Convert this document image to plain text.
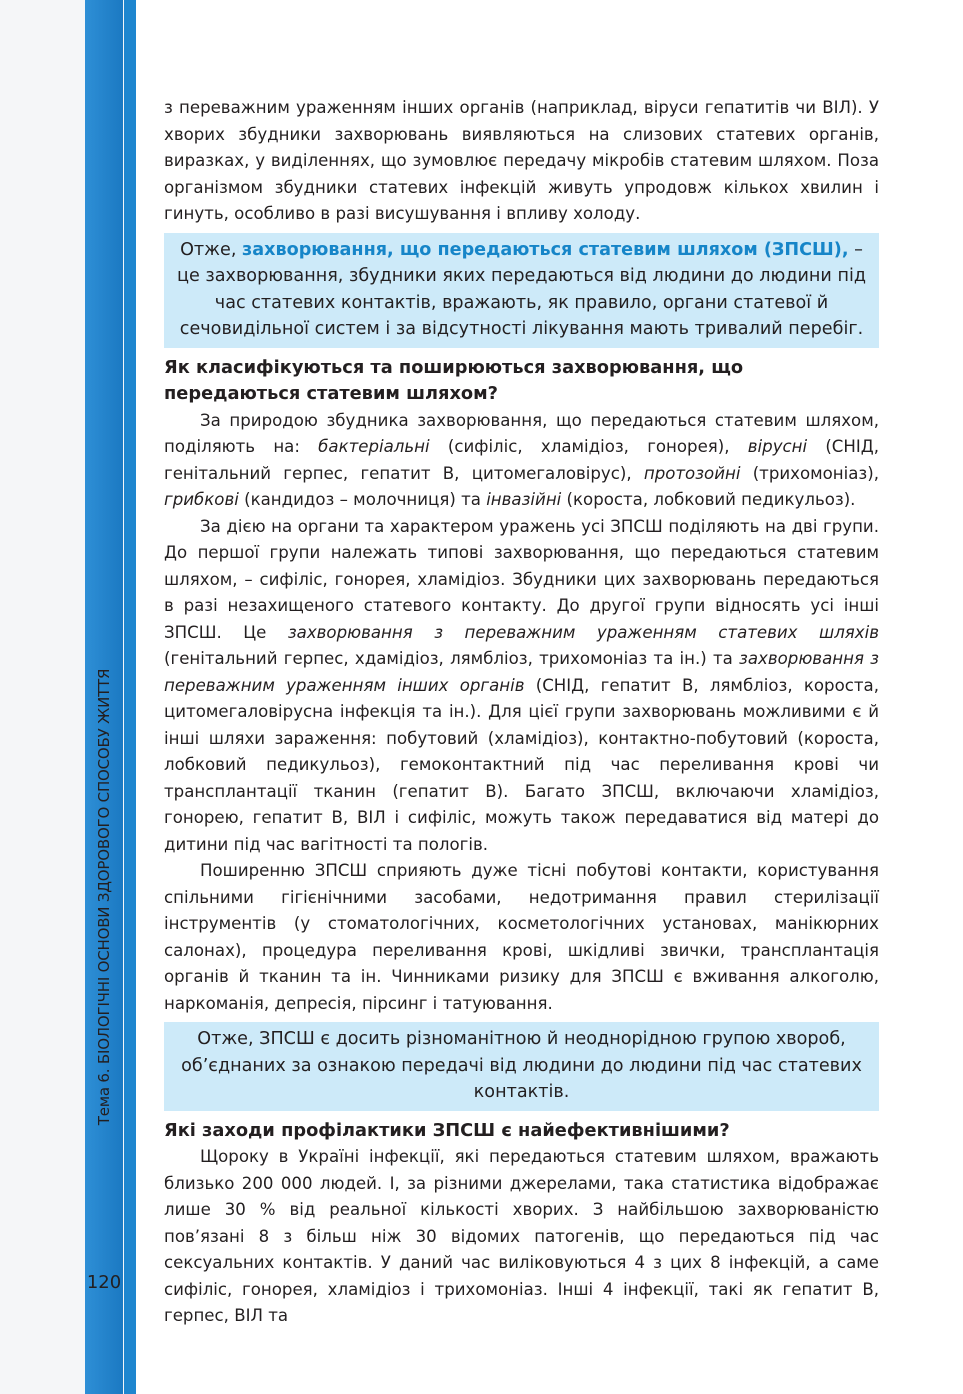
Тема 6. БІОЛОГІЧНІ ОСНОВИ ЗДОРОВОГО СПОСОБУ ЖИТТЯ
120

з переважним ураженням інших органів (наприклад, віруси гепатитів чи ВІЛ). У хворих збудники захворювань виявляються на слизових статевих органів, виразках, у виділеннях, що зумовлює передачу мікробів статевим шляхом. Поза організмом збудники статевих інфекцій живуть упродовж кількох хвилин і гинуть, особливо в разі висушування і впливу холоду.

Отже, захворювання, що передаються статевим шляхом (ЗПСШ), – це захворювання, збудники яких передаються від людини до людини під час статевих контактів, вражають, як правило, органи статевої й сечовидільної систем і за відсутності лікування мають тривалий перебіг.
Як класифікуються та поширюються захворювання, що передаються статевим шляхом?

За природою збудника захворювання, що передаються статевим шляхом, поділяють на: бактеріальні (сифіліс, хламідіоз, гонорея), вірусні (СНІД, генітальний герпес, гепатит В, цитомегаловірус), протозойні (трихомоніаз), грибкові (кандидоз – молочниця) та інвазійні (короста, лобковий педикульоз).

За дією на органи та характером уражень усі ЗПСШ поділяють на дві групи. До першої групи належать типові захворювання, що передаються статевим шляхом, – сифіліс, гонорея, хламідіоз. Збудники цих захворювань передаються в разі незахищеного статевого контакту. До другої групи відносять усі інші ЗПСШ. Це захворювання з переважним ураженням статевих шляхів (генітальний герпес, хдамідіоз, лямбліоз, трихомоніаз та ін.) та захворювання з переважним ураженням інших органів (СНІД, гепатит В, лямбліоз, короста, цитомегаловірусна інфекція та ін.). Для цієї групи захворювань можливими є й інші шляхи зараження: побутовий (хламідіоз), контактно-побутовий (короста, лобковий педикульоз), гемоконтактний під час переливання крові чи трансплантації тканин (гепатит В). Багато ЗПСШ, включаючи хламідіоз, гонорею, гепатит В, ВІЛ і сифіліс, можуть також передаватися від матері до дитини під час вагітності та пологів.

Поширенню ЗПСШ сприяють дуже тісні побутові контакти, користування спільними гігієнічними засобами, недотримання правил стерилізації інструментів (у стоматологічних, косметологічних установах, манікюрних салонах), процедура переливання крові, шкідливі звички, трансплантація органів й тканин та ін. Чинниками ризику для ЗПСШ є вживання алкоголю, наркоманія, депресія, пірсинг і татуювання.

Отже, ЗПСШ є досить різноманітною й неоднорідною групою хвороб, об’єднаних за ознакою передачі від людини до людини під час статевих контактів.
Які заходи профілактики ЗПСШ є найефективнішими?

Щороку в Україні інфекції, які передаються статевим шляхом, вражають близько 200 000 людей. І, за різними джерелами, така статистика відображає лише 30 % від реальної кількості хворих. З найбільшою захворюваністю пов’язані 8 з більш ніж 30 відомих патогенів, що передаються під час сексуальних контактів. У даний час виліковуються 4 з цих 8 інфекцій, а саме сифіліс, гонорея, хламідіоз і трихомоніаз. Інші 4 інфекції, такі як гепатит В, герпес, ВІЛ та
